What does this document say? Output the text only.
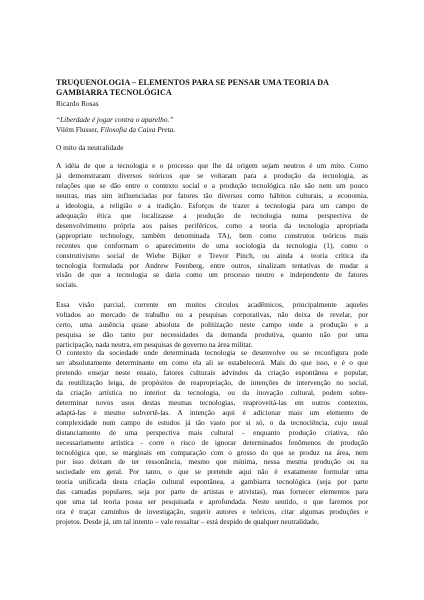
TRUQUENOLOGIA – ELEMENTOS PARA SE PENSAR UMA TEORIA DA

GAMBIARRA TECNOLÓGICA

Ricardo Rosas

“Liberdade é jogar contra o aparelho.”

Vilém Flusser, Filosofia da Caixa Preta.

O mito da neutralidade

A idéia de que a tecnologia e o processo que lhe dá origem sejam neutros é um mito. Como

já demonstraram diversos teóricos que se voltaram para a produção da tecnologia, as

relações que se dão entre o contexto social e a produção tecnológica não são nem um pouco

neutras, mas sim influenciadas por fatores tão diversos como hábitos culturais, a economia,

a ideologia, a religião e a tradição. Esforços de trazer a tecnologia para um campo de

adequação ética que localizasse a produção de tecnologia numa perspectiva de

desenvolvimento própria aos países periféricos, como a teoria da tecnologia apropriada

(appropriate technology, também denominada TA), bem como construtos teóricos mais

recentes que conformam o aparecimento de uma sociologia da tecnologia (1), como o

construtivismo social de Wiebe Bijker e Trevor Pinch, ou ainda a teoria crítica da

tecnologia formulada por Andrew Feenberg, entre outros, sinalizam tentativas de mudar a

visão de que a tecnologia se daria como um processo neutro e independente de fatores

sociais.

Essa visão parcial, corrente em muitos círculos acadêmicos, principalmente aqueles

voltados ao mercado de trabalho ou a pesquisas corporativas, não deixa de revelar, por

certo, uma ausência quase absoluta de politização neste campo onde a produção e a

pesquisa se dão tanto por necessidades da demanda produtiva, quanto não por uma

participação, nada neutra, em pesquisas de governo na área militar.

O contexto da sociedade onde determinada tecnologia se desenvolve ou se reconfigura pode

ser absolutamente determinante em como ela ali se estabelecerá. Mais do que isso, e é o que

pretendo ensejar neste ensaio, fatores culturais advindos da criação espontânea e popular,

da reutilização leiga, de propósitos de reapropriação, de intenções de intervenção no social,

da criação artística no interior da tecnologia, ou da inovação cultural, podem sobre-

determinar novos usos destas mesmas tecnologias, reaproveitá-las em outros contextos,

adaptá-las e mesmo subvertê-las. A intenção aqui é adicionar mais um elemento de

complexidade num campo de estudos já tão vasto por si só, o da tecnociência, cujo usual

distanciamento de uma perspectiva mais cultural - enquanto produção criativa, não

necessariamente artística - corre o risco de ignorar determinados fenômenos de produção

tecnológica que, se marginais em comparação com o grosso do que se produz na área, nem

por isso deixam de ter ressonância, mesmo que mínima, nessa mesma produção ou na

sociedade em geral. Por tanto, o que se pretende aqui não é exatamente formular uma

teoria unificada desta criação cultural espontânea, a gambiarra tecnológica (seja por parte

das camadas populares, seja por parte de artistas e ativistas), mas fornecer elementos para

que uma tal teoria possa ser pesquisada e aprofundada. Neste sentido, o que faremos por

ora é traçar caminhos de investigação, sugerir autores e teóricos, citar algumas produções e

projetos. Desde já, um tal intento – vale ressaltar – está despido de qualquer neutralidade,
